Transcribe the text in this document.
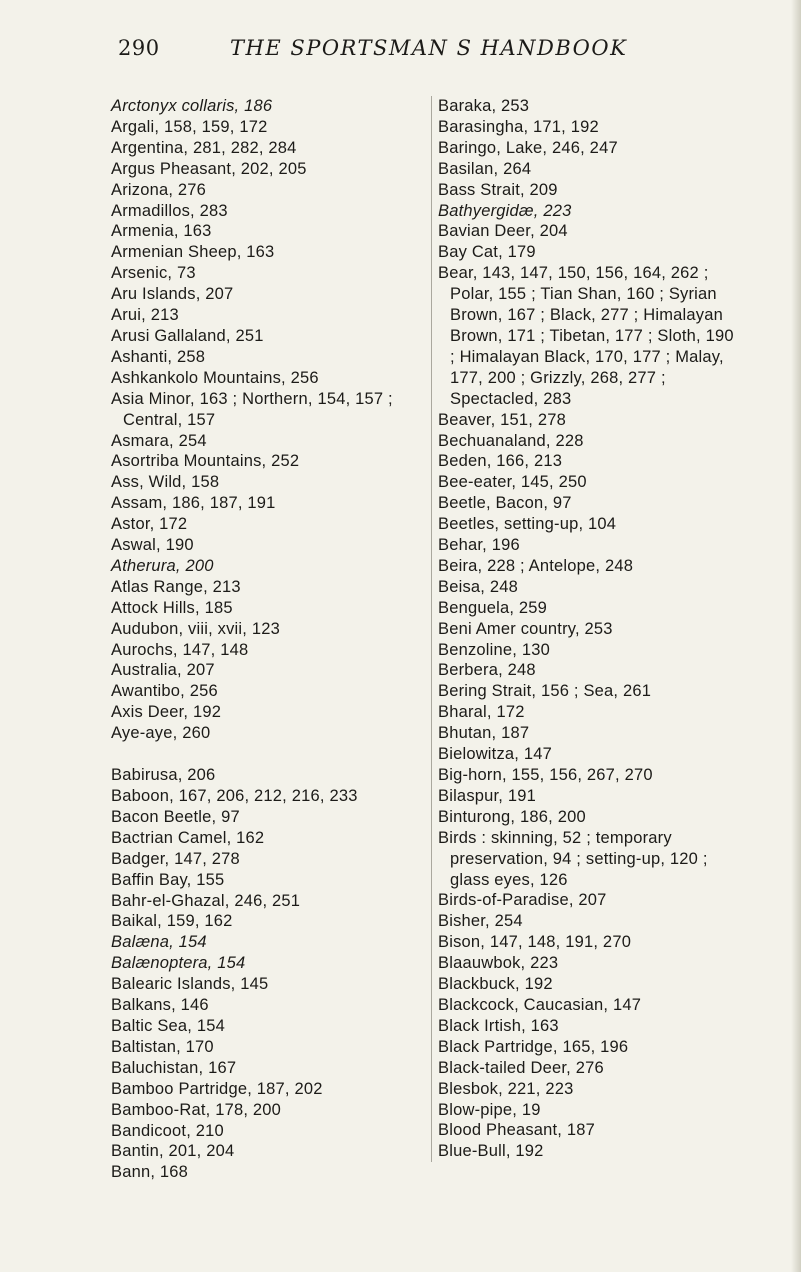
290	THE SPORTSMAN S HANDBOOK
Arctonyx collaris, 186
Argali, 158, 159, 172
Argentina, 281, 282, 284
Argus Pheasant, 202, 205
Arizona, 276
Armadillos, 283
Armenia, 163
Armenian Sheep, 163
Arsenic, 73
Aru Islands, 207
Arui, 213
Arusi Gallaland, 251
Ashanti, 258
Ashkankolo Mountains, 256
Asia Minor, 163 ; Northern, 154, 157 ; Central, 157
Asmara, 254
Asortriba Mountains, 252
Ass, Wild, 158
Assam, 186, 187, 191
Astor, 172
Aswal, 190
Atherura, 200
Atlas Range, 213
Attock Hills, 185
Audubon, viii, xvii, 123
Aurochs, 147, 148
Australia, 207
Awantibo, 256
Axis Deer, 192
Aye-aye, 260
Babirusa, 206
Baboon, 167, 206, 212, 216, 233
Bacon Beetle, 97
Bactrian Camel, 162
Badger, 147, 278
Baffin Bay, 155
Bahr-el-Ghazal, 246, 251
Baikal, 159, 162
Balæna, 154
Balænoptera, 154
Balearic Islands, 145
Balkans, 146
Baltic Sea, 154
Baltistan, 170
Baluchistan, 167
Bamboo Partridge, 187, 202
Bamboo-Rat, 178, 200
Bandicoot, 210
Bantin, 201, 204
Bann, 168
Baraka, 253
Barasingha, 171, 192
Baringo, Lake, 246, 247
Basilan, 264
Bass Strait, 209
Bathyergidæ, 223
Bavian Deer, 204
Bay Cat, 179
Bear, 143, 147, 150, 156, 164, 262 ; Polar, 155 ; Tian Shan, 160 ; Syrian Brown, 167 ; Black, 277 ; Himalayan Brown, 171 ; Tibetan, 177 ; Sloth, 190 ; Himalayan Black, 170, 177 ; Malay, 177, 200 ; Grizzly, 268, 277 ; Spectacled, 283
Beaver, 151, 278
Bechuanaland, 228
Beden, 166, 213
Bee-eater, 145, 250
Beetle, Bacon, 97
Beetles, setting-up, 104
Behar, 196
Beira, 228 ; Antelope, 248
Beisa, 248
Benguela, 259
Beni Amer country, 253
Benzoline, 130
Berbera, 248
Bering Strait, 156 ; Sea, 261
Bharal, 172
Bhutan, 187
Bielowitza, 147
Big-horn, 155, 156, 267, 270
Bilaspur, 191
Binturong, 186, 200
Birds : skinning, 52 ; temporary preservation, 94 ; setting-up, 120 ; glass eyes, 126
Birds-of-Paradise, 207
Bisher, 254
Bison, 147, 148, 191, 270
Blaauwbok, 223
Blackbuck, 192
Blackcock, Caucasian, 147
Black Irtish, 163
Black Partridge, 165, 196
Black-tailed Deer, 276
Blesbok, 221, 223
Blow-pipe, 19
Blood Pheasant, 187
Blue-Bull, 192
